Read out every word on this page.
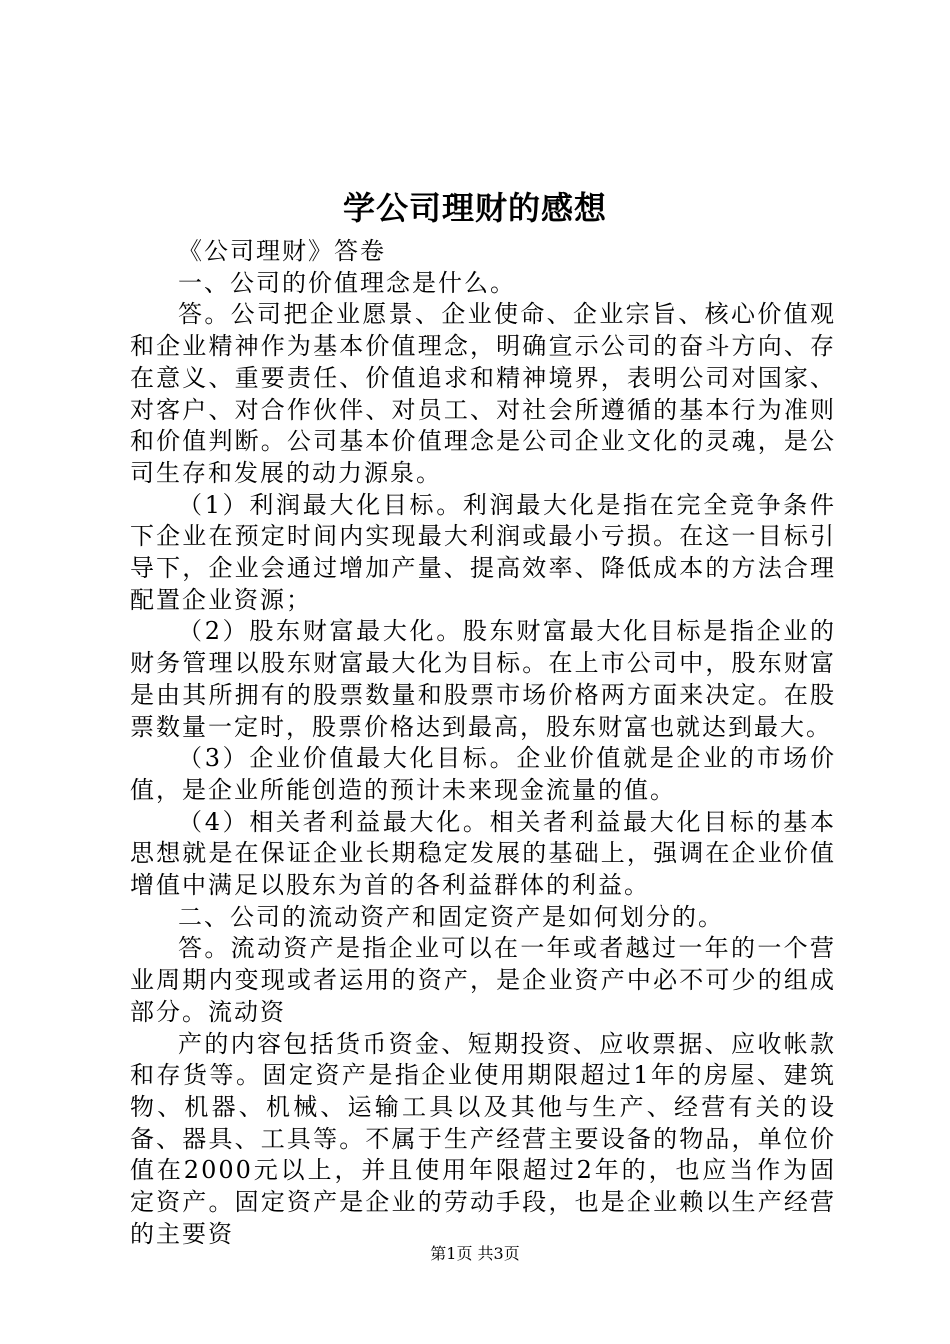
学公司理财的感想

《公司理财》答卷

一、公司的价值理念是什么。

答。公司把企业愿景、企业使命、企业宗旨、核心价值观和企业精神作为基本价值理念，明确宣示公司的奋斗方向、存在意义、重要责任、价值追求和精神境界，表明公司对国家、对客户、对合作伙伴、对员工、对社会所遵循的基本行为准则和价值判断。公司基本价值理念是公司企业文化的灵魂，是公司生存和发展的动力源泉。

（1）利润最大化目标。利润最大化是指在完全竞争条件下企业在预定时间内实现最大利润或最小亏损。在这一目标引导下，企业会通过增加产量、提高效率、降低成本的方法合理配置企业资源；

（2）股东财富最大化。股东财富最大化目标是指企业的财务管理以股东财富最大化为目标。在上市公司中，股东财富是由其所拥有的股票数量和股票市场价格两方面来决定。在股票数量一定时，股票价格达到最高，股东财富也就达到最大。

（3）企业价值最大化目标。企业价值就是企业的市场价值，是企业所能创造的预计未来现金流量的值。

（4）相关者利益最大化。相关者利益最大化目标的基本思想就是在保证企业长期稳定发展的基础上，强调在企业价值增值中满足以股东为首的各利益群体的利益。

二、公司的流动资产和固定资产是如何划分的。

答。流动资产是指企业可以在一年或者越过一年的一个营业周期内变现或者运用的资产，是企业资产中必不可少的组成部分。流动资

产的内容包括货币资金、短期投资、应收票据、应收帐款和存货等。固定资产是指企业使用期限超过1年的房屋、建筑物、机器、机械、运输工具以及其他与生产、经营有关的设备、器具、工具等。不属于生产经营主要设备的物品，单位价值在2000元以上，并且使用年限超过2年的，也应当作为固定资产。固定资产是企业的劳动手段，也是企业赖以生产经营的主要资

第1页 共3页
